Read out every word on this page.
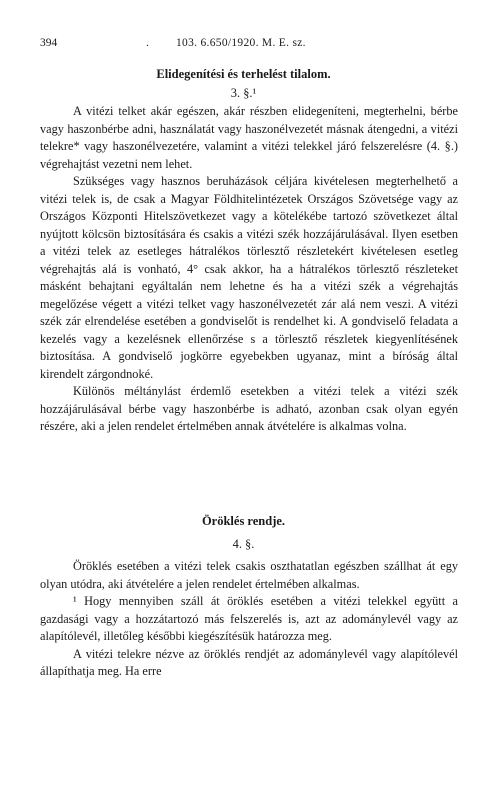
394	. 103. 6.650/1920. M. E. sz.
Elidegenítési és terhelést tilalom.
3. §.¹

A vitézi telket akár egészen, akár részben elidegeníteni, megterhelni, bérbe vagy haszonbérbe adni, használatát vagy haszonélvezetét másnak átengedni, a vitézi telekre* vagy haszonélvezetére, valamint a vitézi telekkel járó felszerelésre (4. §.) végrehajtást vezetni nem lehet.

Szükséges vagy hasznos beruházások céljára kivételesen megterhelhető a vitézi telek is, de csak a Magyar Földhitelintézetek Országos Szövetsége vagy az Országos Központi Hitelszövetkezet vagy a kötelékébe tartozó szövetkezet által nyújtott kölcsön biztosítására és csakis a vitézi szék hozzájárulásával. Ilyen esetben a vitézi telek az esetleges hátralékos törlesztő részletekért kivételesen esetleg végrehajtás alá is vonható, 4° csak akkor, ha a hátralékos törlesztő részleteket másként behajtani egyáltalán nem lehetne és ha a vitézi szék a végrehajtás megelőzése végett a vitézi telket vagy haszonélvezetét zár alá nem veszi. A vitézi szék zár elrendelése esetében a gondviselőt is rendelhet ki. A gondviselő feladata a kezelés vagy a kezelésnek ellenőrzése s a törlesztő részletek kiegyenlítésének biztosítása. A gondviselő jogkörre egyebekben ugyanaz, mint a bíróság által kirendelt zárgondnoké.

Különös méltánylást érdemlő esetekben a vitézi telek a vitézi szék hozzájárulásával bérbe vagy haszonbérbe is adható, azonban csak olyan egyén részére, aki a jelen rendelet értelmében annak átvételére is alkalmas volna.

Öröklés rendje.
4. §.

Öröklés esetében a vitézi telek csakis oszthatatlan egészben szállhat át egy olyan utódra, aki átvételére a jelen rendelet értelmében alkalmas.

¹ Hogy mennyiben száll át öröklés esetében a vitézi telekkel együtt a gazdasági vagy a hozzátartozó más felszerelés is, azt az adománylevél vagy az alapítólevél, illetőleg későbbi kiegészítésük határozza meg.

A vitézi telekre nézve az öröklés rendjét az adománylevél vagy alapítólevél állapíthatja meg. Ha erre
